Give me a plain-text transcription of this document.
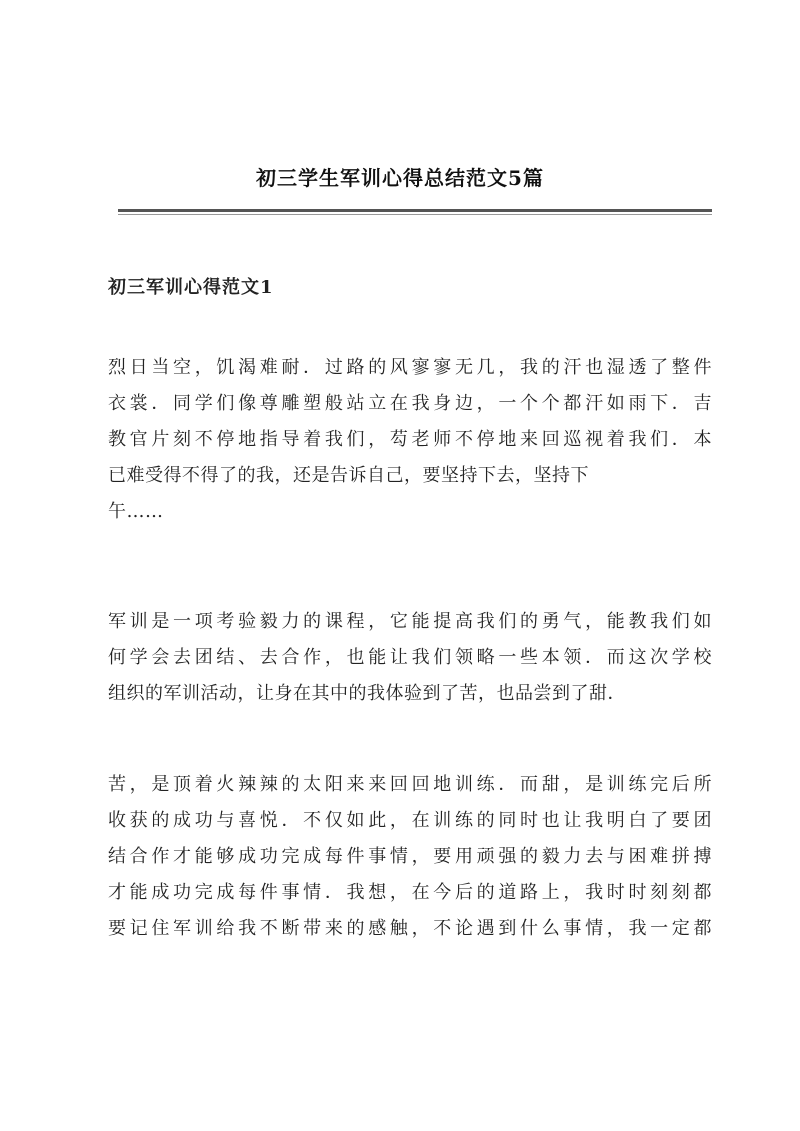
初三学生军训心得总结范文5篇
初三军训心得范文1
烈日当空，饥渴难耐．过路的风寥寥无几，我的汗也湿透了整件
衣裳．同学们像尊雕塑般站立在我身边，一个个都汗如雨下．吉
教官片刻不停地指导着我们，芶老师不停地来回巡视着我们．本
已难受得不得了的我，还是告诉自己，要坚持下去，坚持下
午……
军训是一项考验毅力的课程，它能提高我们的勇气，能教我们如
何学会去团结、去合作，也能让我们领略一些本领．而这次学校
组织的军训活动，让身在其中的我体验到了苦，也品尝到了甜．
苦，是顶着火辣辣的太阳来来回回地训练．而甜，是训练完后所
收获的成功与喜悦．不仅如此，在训练的同时也让我明白了要团
结合作才能够成功完成每件事情，要用顽强的毅力去与困难拼搏
才能成功完成每件事情．我想，在今后的道路上，我时时刻刻都
要记住军训给我不断带来的感触，不论遇到什么事情，我一定都
